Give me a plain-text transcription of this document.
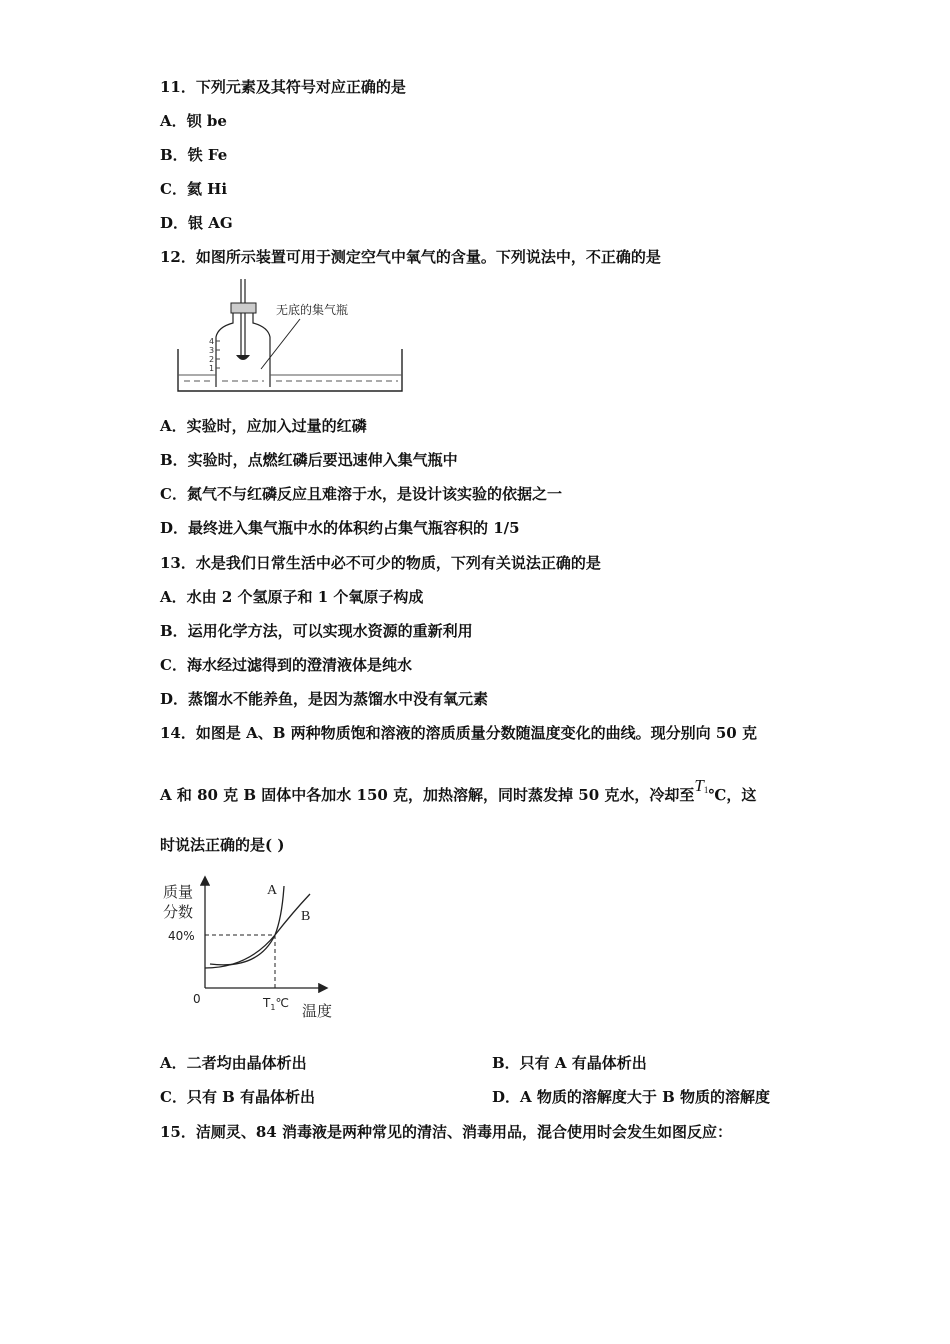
11．下列元素及其符号对应正确的是
A．钡 be
B．铁 Fe
C．氦 Hi
D．银 AG
12．如图所示装置可用于测定空气中氧气的含量。下列说法中，不正确的是
4
3
2
1
无底的集气瓶
A．实验时，应加入过量的红磷
B．实验时，点燃红磷后要迅速伸入集气瓶中
C．氮气不与红磷反应且难溶于水，是设计该实验的依据之一
D．最终进入集气瓶中水的体积约占集气瓶容积的 1/5
13．水是我们日常生活中必不可少的物质，下列有关说法正确的是
A．水由 2 个氢原子和 1 个氧原子构成
B．运用化学方法，可以实现水资源的重新利用
C．海水经过滤得到的澄清液体是纯水
D．蒸馏水不能养鱼，是因为蒸馏水中没有氧元素
14．如图是 A、B 两种物质饱和溶液的溶质质量分数随温度变化的曲线。现分别向 50 克
A 和 80 克 B 固体中各加水 150 克，加热溶解，同时蒸发掉 50 克水，冷却至$T_1℃$，这
时说法正确的是( )
质量
分数
40%
0	$T_1℃$ 温度
A
B
A．二者均由晶体析出	B．只有 A 有晶体析出
C．只有 B 有晶体析出	D．A 物质的溶解度大于 B 物质的溶解度
15．洁厕灵、84 消毒液是两种常见的清洁、消毒用品，混合使用时会发生如图反应：
